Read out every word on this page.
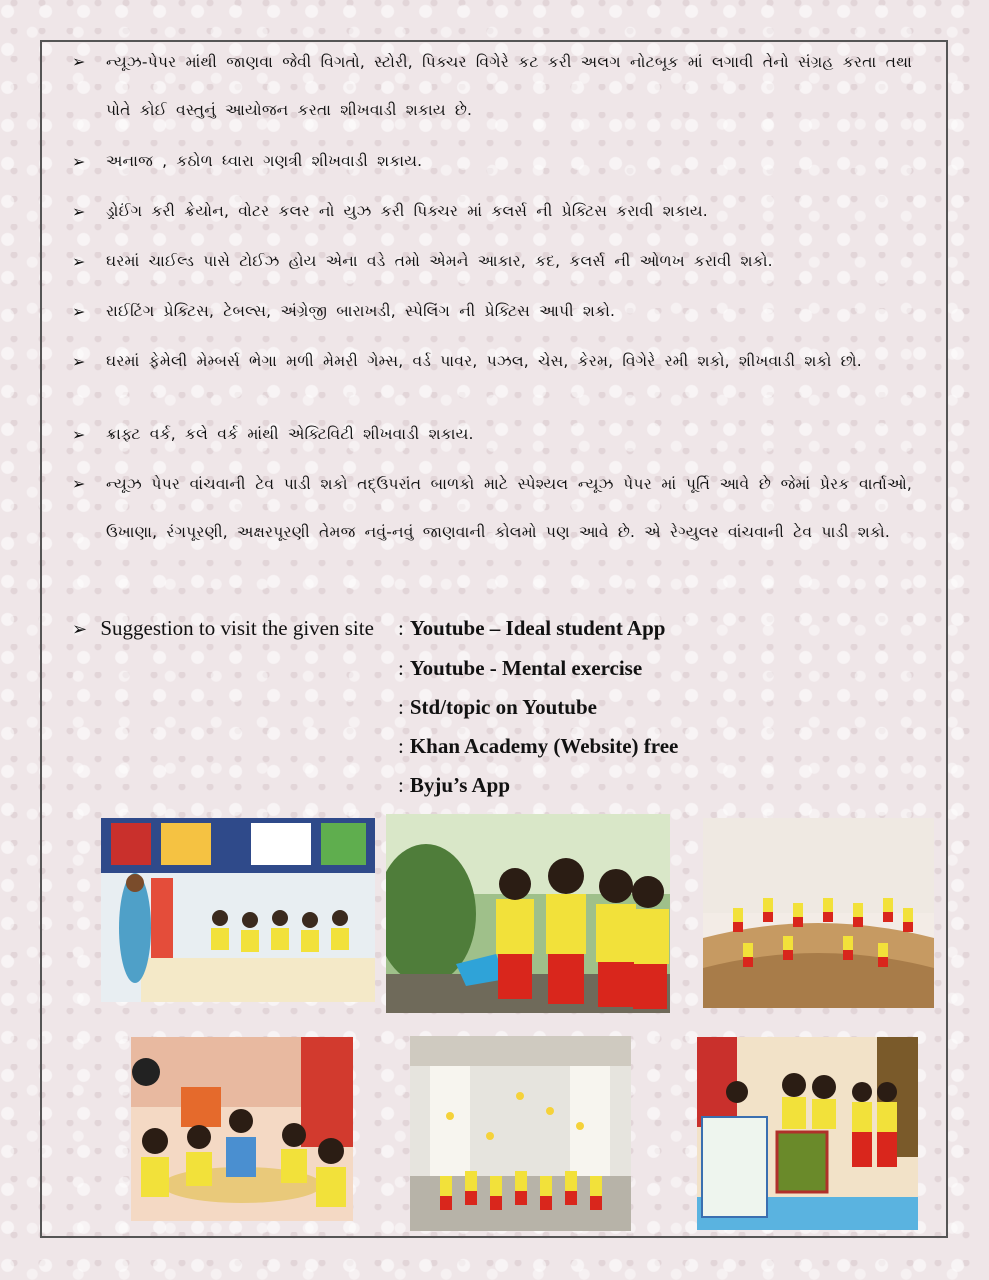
➢ ન્યૂઝ-પેપર માંથી જાણવા જેવી વિગતો, સ્ટોરી, પિક્ચર વિગેરે કટ કરી અલગ નોટબૂક માં લગાવી તેનો સંગ્રહ કરતા તથા પોતે કોઈ વસ્તુનું આયોજન કરતા શીખવાડી શકાય છે.
➢ અનાજ , કઠોળ ધ્વારા ગણત્રી શીખવાડી શકાય.
➢ ડ્રોઈંગ કરી ક્રેયોન, વોટર કલર નો યુઝ કરી પિક્ચર માં કલર્સ ની પ્રેક્ટિસ કરાવી શકાય.
➢ ઘરમાં ચાઈલ્ડ પાસે ટોઈઝ હોય એના વડે તમો એમને આકાર, કદ, કલર્સ ની ઓળખ કરાવી શકો.
➢ રાઈટિંગ પ્રેક્ટિસ, ટેબલ્સ, અંગ્રેજી બારાખડી, સ્પેલિંગ ની પ્રેક્ટિસ આપી શકો.
➢ ઘરમાં ફેમેલી મેમ્બર્સ ભેગા મળી મેમરી ગેમ્સ, વર્ડ પાવર, પઝલ, ચેસ, કેરમ, વિગેરે રમી શકો, શીખવાડી શકો છો.
➢ ક્રાફ્ટ વર્ક, કલે વર્ક માંથી એક્ટિવિટી શીખવાડી શકાય.
➢ ન્યૂઝ પેપર વાંચવાની ટેવ પાડી શકો તદ્ઉપરાંત બાળકો માટે સ્પેશ્યલ ન્યૂઝ પેપર માં પૂર્તિ આવે છે જેમાં પ્રેરક વાર્તાઓ, ઉખાણા, રંગપૂરણી, અક્ષરપૂરણી તેમજ નવું-નવું જાણવાની કોલમો પણ આવે છે. એ રેગ્યુલર વાંચવાની ટેવ પાડી શકો.
➢ Suggestion to visit the given site : Youtube – Ideal student App
: Youtube - Mental exercise
: Std/topic on Youtube
: Khan Academy (Website) free
: Byju’s App
